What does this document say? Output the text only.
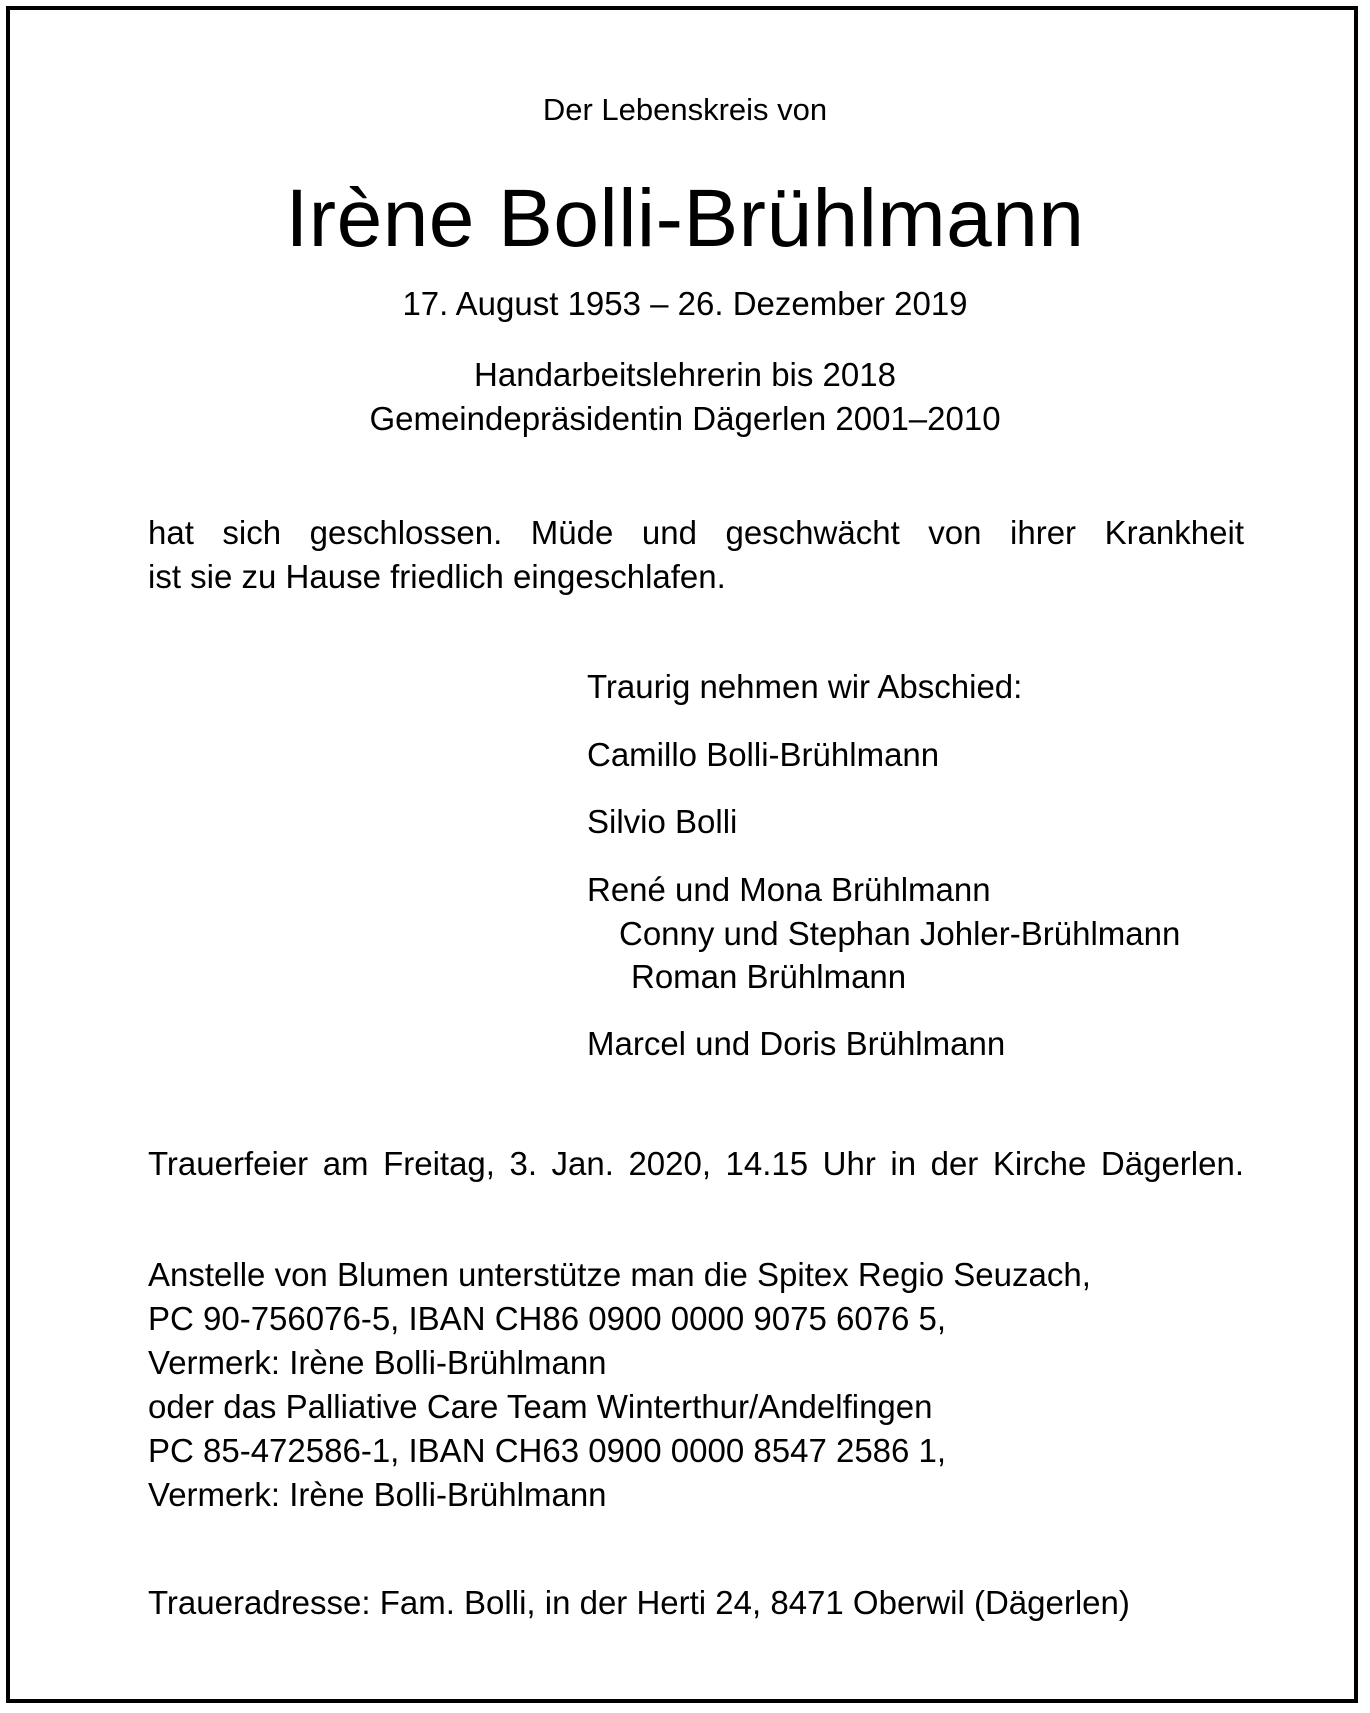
Der Lebenskreis von

Irène Bolli-Brühlmann

17. August 1953 – 26. Dezember 2019

Handarbeitslehrerin bis 2018

Gemeindepräsidentin Dägerlen 2001–2010

hat sich geschlossen. Müde und geschwächt von ihrer Krankheit

ist sie zu Hause friedlich eingeschlafen.

Traurig nehmen wir Abschied:

Camillo Bolli-Brühlmann

Silvio Bolli

René und Mona Brühlmann

Conny und Stephan Johler-Brühlmann

Roman Brühlmann

Marcel und Doris Brühlmann

Trauerfeier am Freitag, 3. Jan. 2020, 14.15 Uhr in der Kirche Dägerlen.

Anstelle von Blumen unterstütze man die Spitex Regio Seuzach,

PC 90-756076-5, IBAN CH86 0900 0000 9075 6076 5,

Vermerk: Irène Bolli-Brühlmann

oder das Palliative Care Team Winterthur/Andelfingen

PC 85-472586-1, IBAN CH63 0900 0000 8547 2586 1,

Vermerk: Irène Bolli-Brühlmann

Traueradresse: Fam. Bolli, in der Herti 24, 8471 Oberwil (Dägerlen)
